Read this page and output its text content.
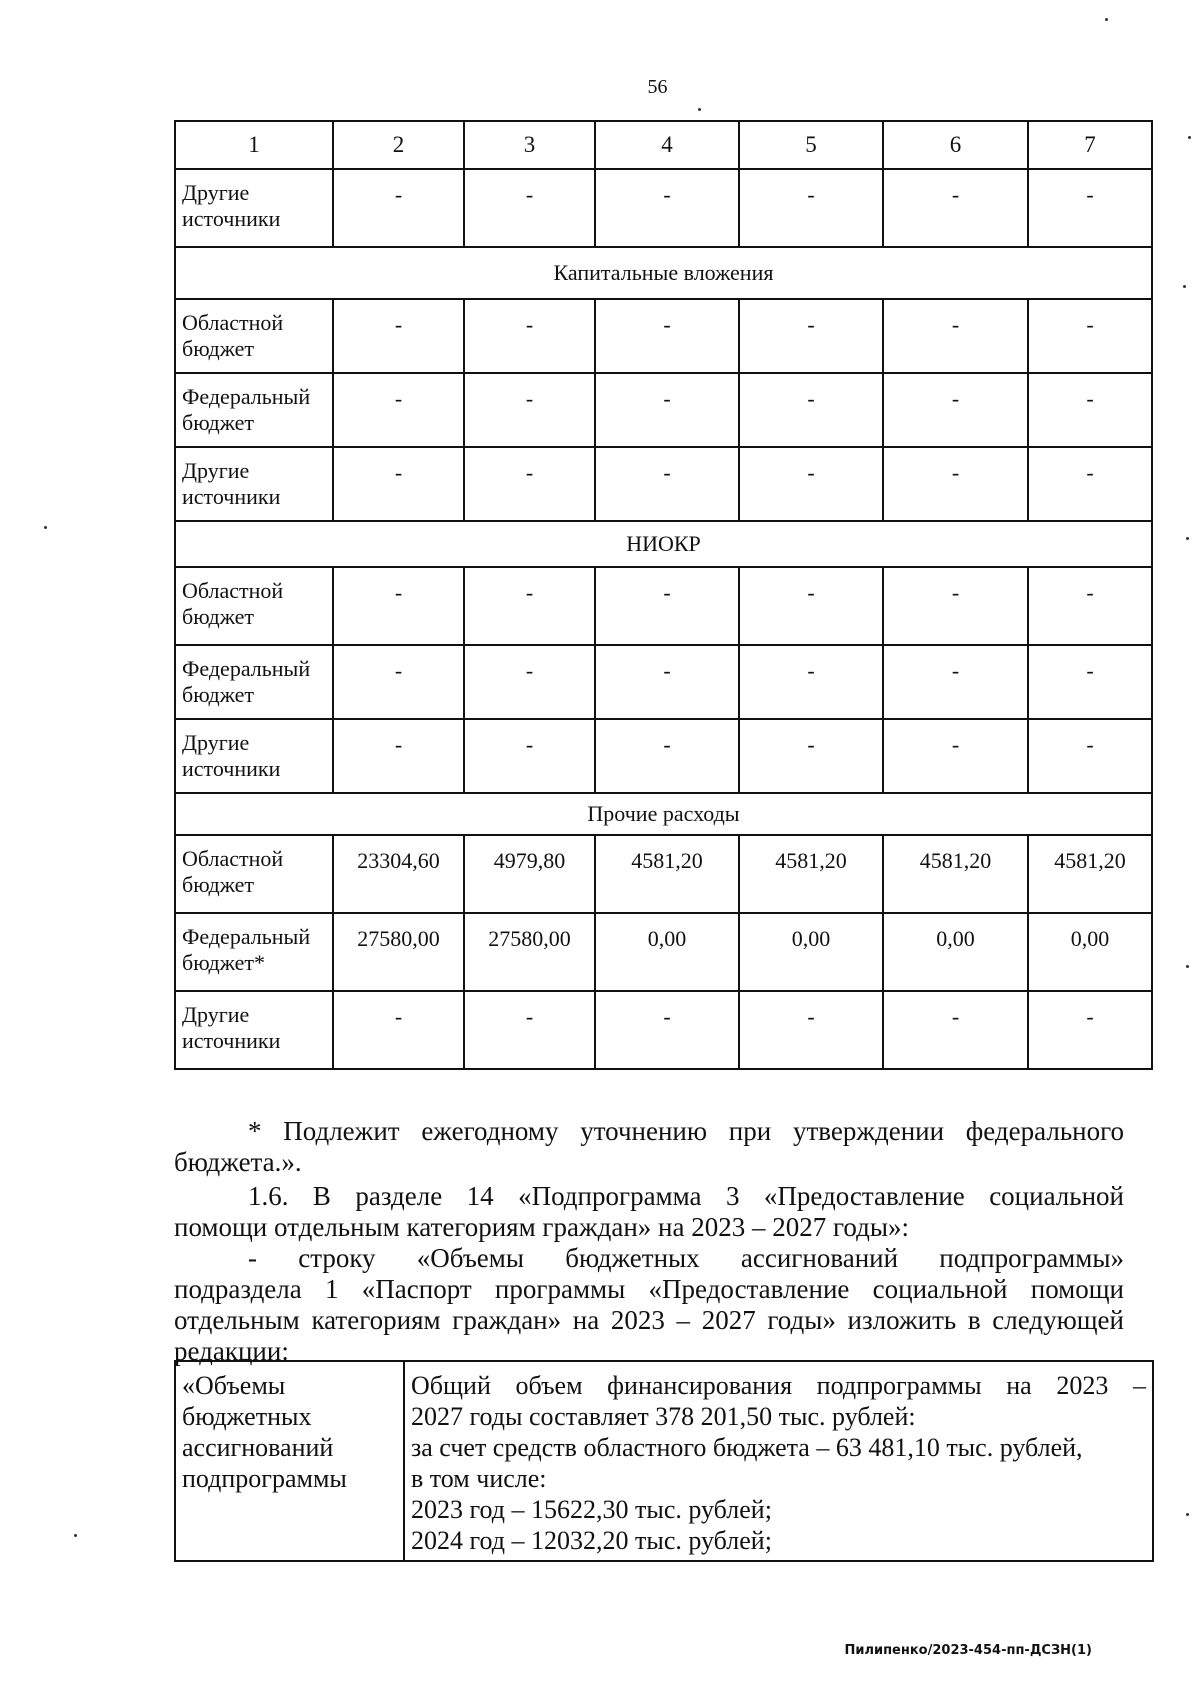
56
1	2	3	4	5	6	7

Другие
источники	-	-	-	-	-	-
Капитальные вложения						

Областной
бюджет	-	-	-	-	-	-

Федеральный
бюджет	-	-	-	-	-	-

Другие
источники	-	-	-	-	-	-
НИОКР						

Областной
бюджет	-	-	-	-	-	-

Федеральный
бюджет	-	-	-	-	-	-

Другие
источники	-	-	-	-	-	-
Прочие расходы						

Областной
бюджет	23304,60	4979,80	4581,20	4581,20	4581,20	4581,20

Федеральный
бюджет*	27580,00	27580,00	0,00	0,00	0,00	0,00

Другие
источники	-	-	-	-	-	-
* Подлежит ежегодному уточнению при утверждении федерального
бюджета.».
1.6. В разделе 14 «Подпрограмма 3 «Предоставление социальной
помощи отдельным категориям граждан» на 2023 – 2027 годы»:
- строку «Объемы бюджетных ассигнований подпрограммы»
подраздела 1 «Паспорт программы «Предоставление социальной помощи
отдельным категориям граждан» на 2023 – 2027 годы» изложить в следующей
редакции:
«Объемы
бюджетных
ассигнований
подпрограммы

Общий объем финансирования подпрограммы на 2023 –
2027 годы составляет 378 201,50 тыс. рублей:
за счет средств областного бюджета – 63 481,10 тыс. рублей,
в том числе:
2023 год – 15622,30 тыс. рублей;
2024 год – 12032,20 тыс. рублей;
Пилипенко/2023-454-пп-ДСЗН(1)
